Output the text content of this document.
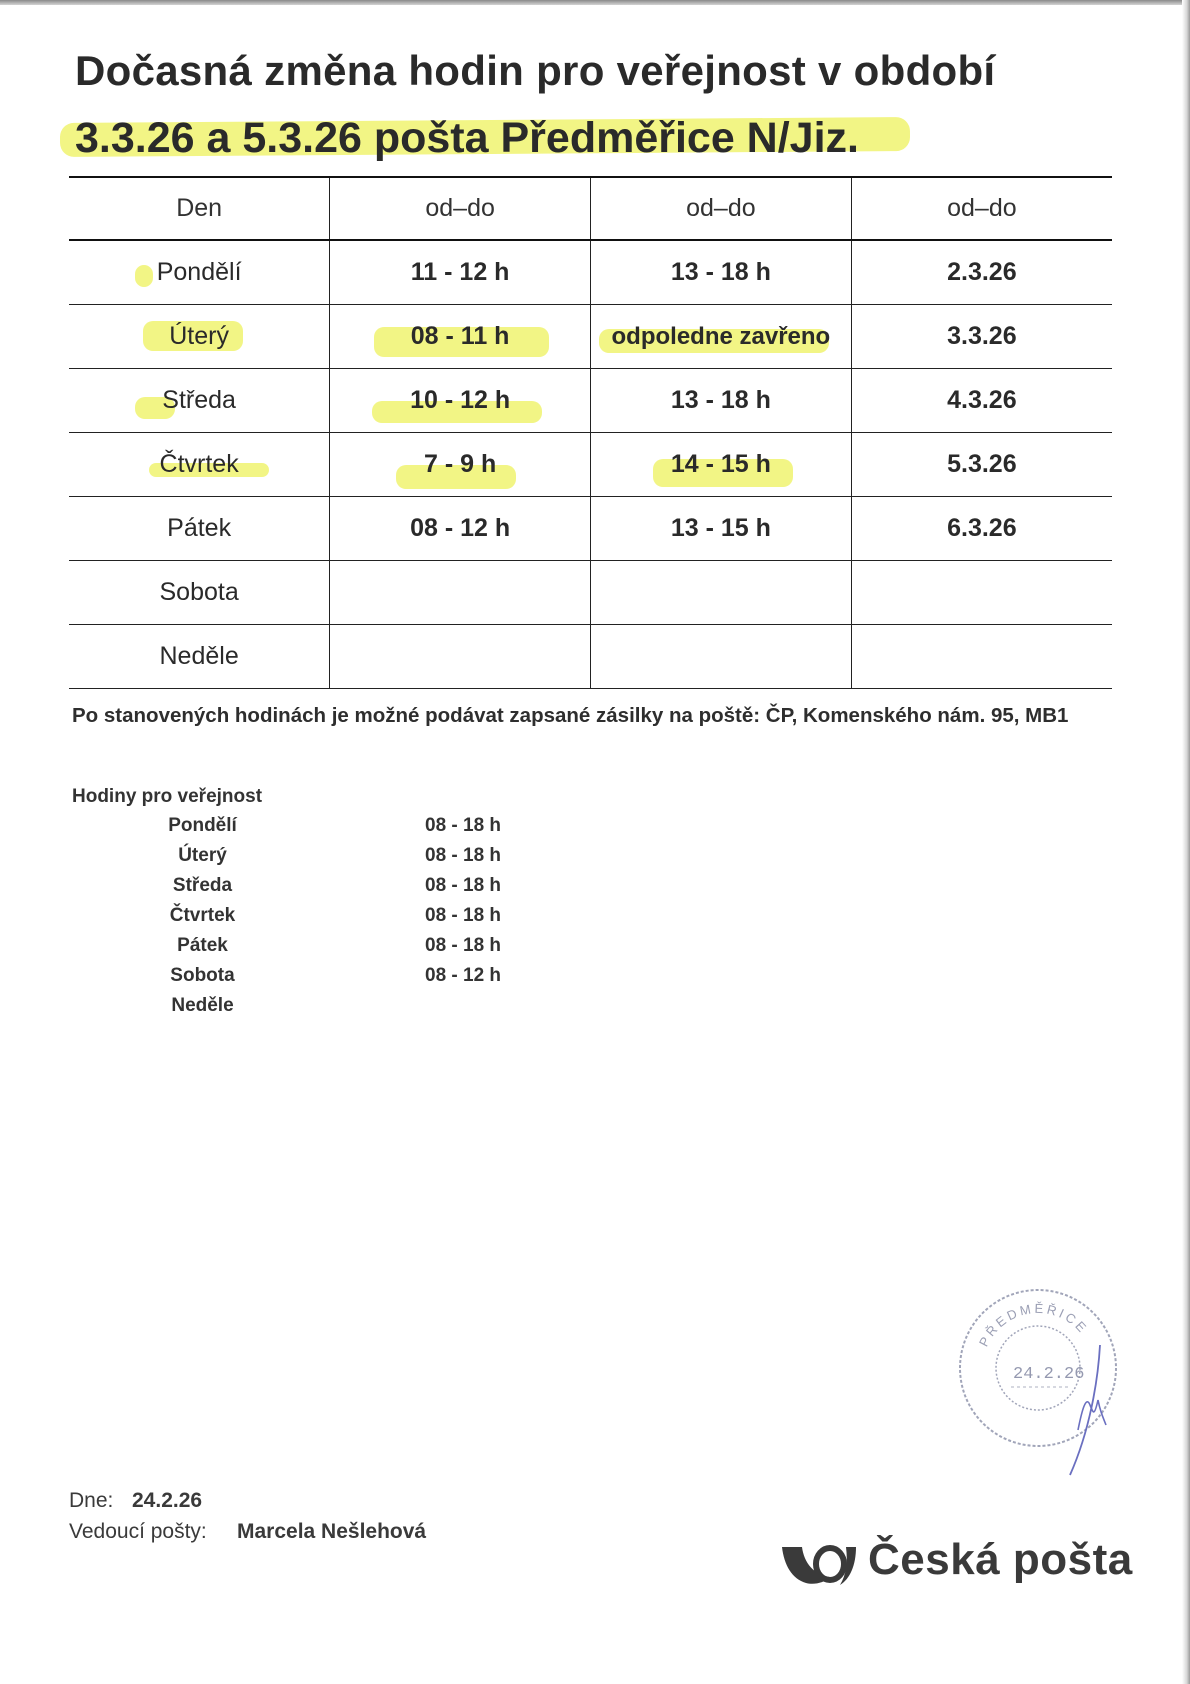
Dočasná změna hodin pro veřejnost v období
3.3.26 a 5.3.26 pošta Předměřice N/Jiz.
Den	od–do	od–do	od–do

Pondělí	11 - 12 h	13 - 18 h	2.3.26

Úterý	08 - 11 h	odpoledne zavřeno	3.3.26

Středa	10 - 12 h	13 - 18 h	4.3.26

Čtvrtek	7 - 9 h	14 - 15 h	5.3.26
Pátek	08 - 12 h	13 - 15 h	6.3.26
Sobota			
Neděle			
Po stanovených hodinách je možné podávat zapsané zásilky na poště: ČP, Komenského nám. 95, MB1
Hodiny pro veřejnost
Pondělí	08 - 18 h
Úterý	08 - 18 h
Středa	08 - 18 h
Čtvrtek	08 - 18 h
Pátek	08 - 18 h
Sobota	08 - 12 h
Neděle
PŘEDMĚŘICE
24.2.26
Dne: 24.2.26
Vedoucí pošty: Marcela Nešlehová
Česká pošta
